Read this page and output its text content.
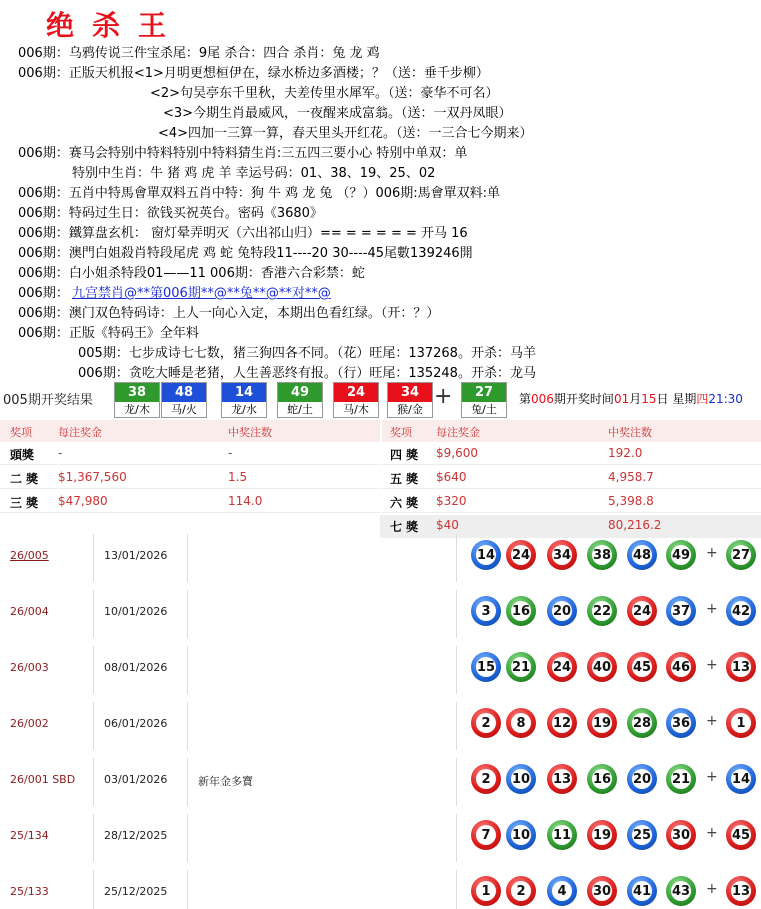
绝杀王
006期：乌鸦传说三件宝杀尾：9尾 杀合：四合 杀肖：兔 龙 鸡
006期：正版天机报<1>月明更想桓伊在，绿水桥边多酒楼；？（送：垂千步柳）
<2>句吴亭东千里秋，夫差传里水犀军。（送：豪华不可名）
<3>今期生肖最威风，一夜醒来成富翁。（送：一双丹凤眼）
<4>四加一三算一算，春天里头开红花。（送：一三合七今期来）
006期：赛马会特别中特料特别中特料猜生肖:三五四三要小心 特别中单双：单
特别中生肖：牛 猪 鸡 虎 羊 幸运号码：01、38、19、25、02
006期：五肖中特馬會單双料五肖中特：狗 牛 鸡 龙 兔 （？）006期:馬會單双料:单
006期：特码过生日：欲钱买祝英台。密码《3680》
006期：鐵算盘玄机： 窗灯晕弄明灭（六出祁山归）== = = = = = 开马 16
006期：澳門白姐殺肖特段尾虎 鸡 蛇 兔特段11----20 30----45尾數139246開
006期：白小姐杀特段01——11 006期：香港六合彩禁：蛇
006期：
006期：澳门双色特码诗：上人一向心入定，本期出色看红绿。（开：？）
006期：正版《特码王》全年料
005期：七步成诗七七数，猪三狗四各不同。（花）旺尾：137268。开杀：马羊
006期：贪吃大睡是老猪，人生善恶终有报。（行）旺尾：135248。开杀：龙马
九宫禁肖@**第006期**@**兔**@**对**@
005期开奖结果
38
龙/木
48
马/火
14
龙/水
49
蛇/土
24
马/木
34
猴/金
27
兔/土
+	第006期开奖时间01月15日 星期四21:30
奖项 每注奖金	中奖注数	奖项 每注奖金	中奖注数
頭獎 -	-
二 獎 $1,367,560	1.5
三 獎 $47,980	114.0
四 獎 $9,600	192.0
五 獎 $640	4,958.7
六 獎 $320	5,398.8
七 獎 $40	80,216.2
26/005	13/01/2026	14 24 34 38 48 49	27
+
26/004	10/01/2026	3	16 20 22 24 37	42
+
26/003	08/01/2026	15 21 24 40 45 46	13
+
26/002	06/01/2026	2	8	12 19 28 36	1
+
26/001 SBD	03/01/2026	新年金多寶	2	10 13 16 20 21	14
+
25/134	28/12/2025	7	10 11 19 25 30	45
+
25/133	25/12/2025	1	2	4	30 41 43	13
+
